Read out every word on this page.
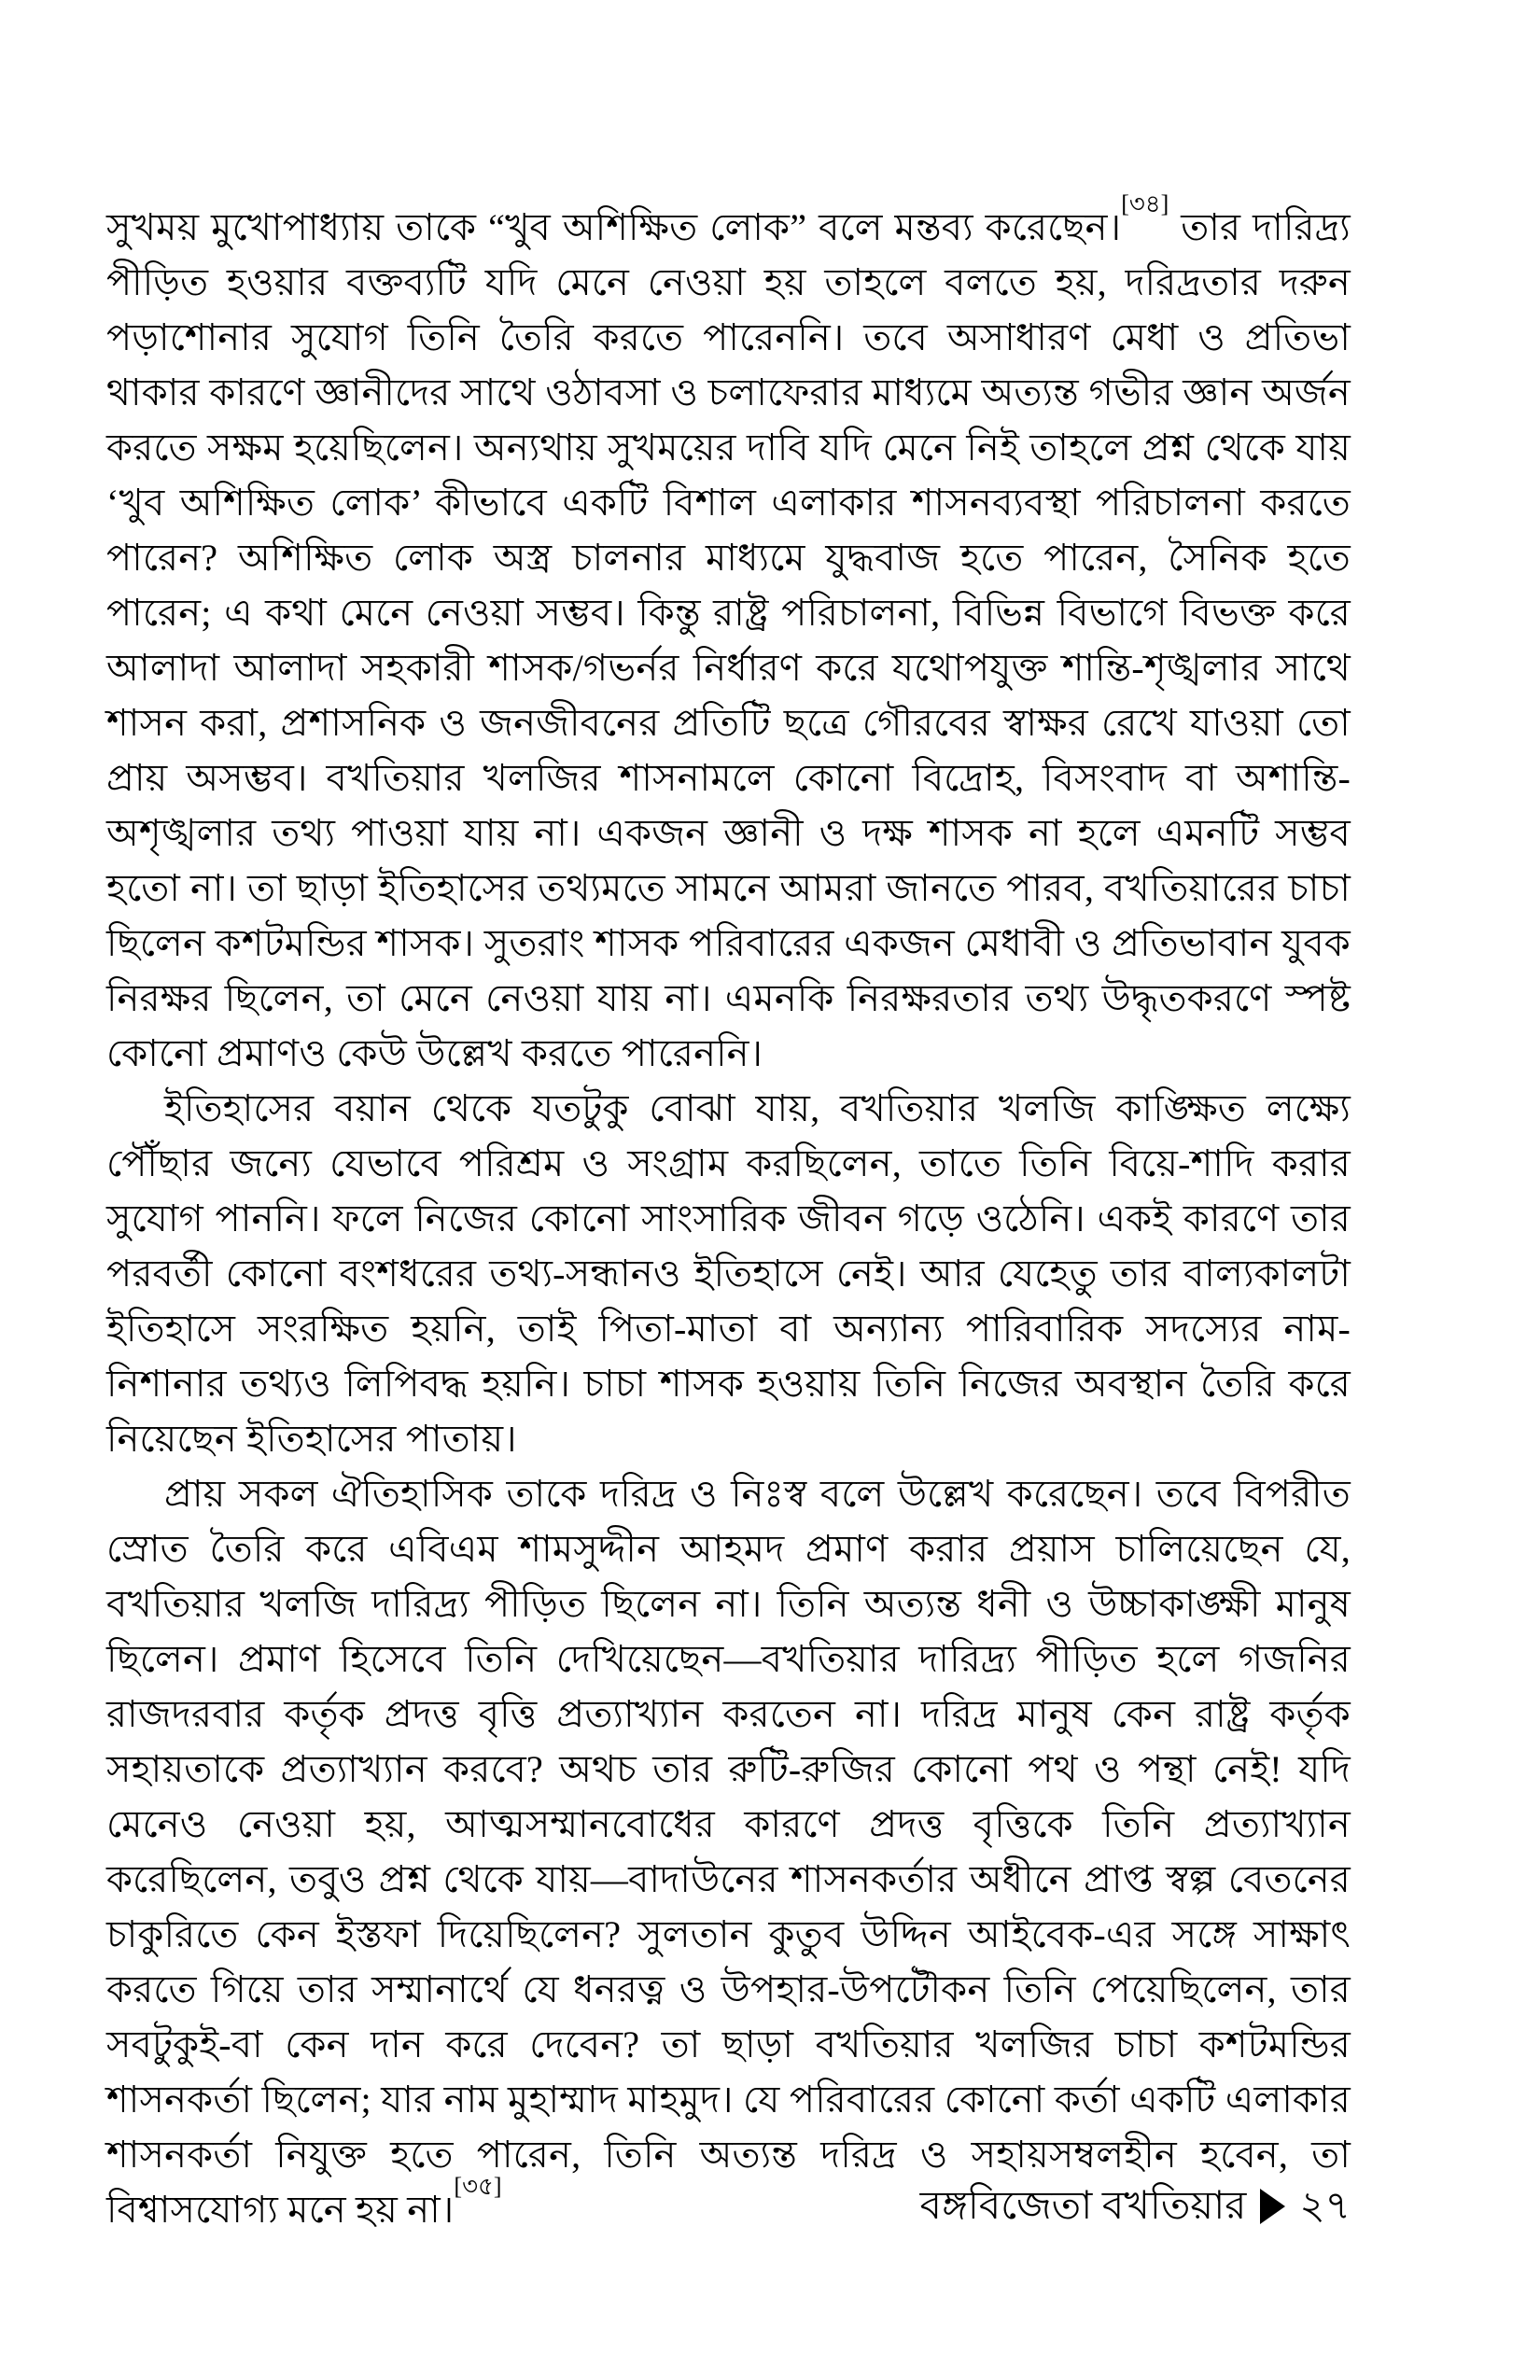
সুখময় মুখোপাধ্যায় তাকে “খুব অশিক্ষিত লোক” বলে মন্তব্য করেছেন।[৩৪] তার দারিদ্র্য পীড়িত হওয়ার বক্তব্যটি যদি মেনে নেওয়া হয় তাহলে বলতে হয়, দরিদ্রতার দরুন পড়াশোনার সুযোগ তিনি তৈরি করতে পারেননি। তবে অসাধারণ মেধা ও প্রতিভা থাকার কারণে জ্ঞানীদের সাথে ওঠাবসা ও চলাফেরার মাধ্যমে অত্যন্ত গভীর জ্ঞান অর্জন করতে সক্ষম হয়েছিলেন। অন্যথায় সুখময়ের দাবি যদি মেনে নিই তাহলে প্রশ্ন থেকে যায় ‘খুব অশিক্ষিত লোক’ কীভাবে একটি বিশাল এলাকার শাসনব্যবস্থা পরিচালনা করতে পারেন? অশিক্ষিত লোক অস্ত্র চালনার মাধ্যমে যুদ্ধবাজ হতে পারেন, সৈনিক হতে পারেন; এ কথা মেনে নেওয়া সম্ভব। কিন্তু রাষ্ট্র পরিচালনা, বিভিন্ন বিভাগে বিভক্ত করে আলাদা আলাদা সহকারী শাসক/গভর্নর নির্ধারণ করে যথোপযুক্ত শান্তি-শৃঙ্খলার সাথে শাসন করা, প্রশাসনিক ও জনজীবনের প্রতিটি ছত্রে গৌরবের স্বাক্ষর রেখে যাওয়া তো প্রায় অসম্ভব। বখতিয়ার খলজির শাসনামলে কোনো বিদ্রোহ, বিসংবাদ বা অশান্তি-অশৃঙ্খলার তথ্য পাওয়া যায় না। একজন জ্ঞানী ও দক্ষ শাসক না হলে এমনটি সম্ভব হতো না। তা ছাড়া ইতিহাসের তথ্যমতে সামনে আমরা জানতে পারব, বখতিয়ারের চাচা ছিলেন কশটমন্ডির শাসক। সুতরাং শাসক পরিবারের একজন মেধাবী ও প্রতিভাবান যুবক নিরক্ষর ছিলেন, তা মেনে নেওয়া যায় না। এমনকি নিরক্ষরতার তথ্য উদ্ধৃতকরণে স্পষ্ট কোনো প্রমাণও কেউ উল্লেখ করতে পারেননি।

ইতিহাসের বয়ান থেকে যতটুকু বোঝা যায়, বখতিয়ার খলজি কাঙ্ক্ষিত লক্ষ্যে পৌঁছার জন্যে যেভাবে পরিশ্রম ও সংগ্রাম করছিলেন, তাতে তিনি বিয়ে-শাদি করার সুযোগ পাননি। ফলে নিজের কোনো সাংসারিক জীবন গড়ে ওঠেনি। একই কারণে তার পরবর্তী কোনো বংশধরের তথ্য-সন্ধানও ইতিহাসে নেই। আর যেহেতু তার বাল্যকালটা ইতিহাসে সংরক্ষিত হয়নি, তাই পিতা-মাতা বা অন্যান্য পারিবারিক সদস্যের নাম-নিশানার তথ্যও লিপিবদ্ধ হয়নি। চাচা শাসক হওয়ায় তিনি নিজের অবস্থান তৈরি করে নিয়েছেন ইতিহাসের পাতায়।

প্রায় সকল ঐতিহাসিক তাকে দরিদ্র ও নিঃস্ব বলে উল্লেখ করেছেন। তবে বিপরীত স্রোত তৈরি করে এবিএম শামসুদ্দীন আহমদ প্রমাণ করার প্রয়াস চালিয়েছেন যে, বখতিয়ার খলজি দারিদ্র্য পীড়িত ছিলেন না। তিনি অত্যন্ত ধনী ও উচ্চাকাঙ্ক্ষী মানুষ ছিলেন। প্রমাণ হিসেবে তিনি দেখিয়েছেন—বখতিয়ার দারিদ্র্য পীড়িত হলে গজনির রাজদরবার কর্তৃক প্রদত্ত বৃত্তি প্রত্যাখ্যান করতেন না। দরিদ্র মানুষ কেন রাষ্ট্র কর্তৃক সহায়তাকে প্রত্যাখ্যান করবে? অথচ তার রুটি-রুজির কোনো পথ ও পন্থা নেই! যদি মেনেও নেওয়া হয়, আত্মসম্মানবোধের কারণে প্রদত্ত বৃত্তিকে তিনি প্রত্যাখ্যান করেছিলেন, তবুও প্রশ্ন থেকে যায়—বাদাউনের শাসনকর্তার অধীনে প্রাপ্ত স্বল্প বেতনের চাকুরিতে কেন ইস্তফা দিয়েছিলেন? সুলতান কুতুব উদ্দিন আইবেক-এর সঙ্গে সাক্ষাৎ করতে গিয়ে তার সম্মানার্থে যে ধনরত্ন ও উপহার-উপটৌকন তিনি পেয়েছিলেন, তার সবটুকুই-বা কেন দান করে দেবেন? তা ছাড়া বখতিয়ার খলজির চাচা কশটমন্ডির শাসনকর্তা ছিলেন; যার নাম মুহাম্মাদ মাহমুদ। যে পরিবারের কোনো কর্তা একটি এলাকার শাসনকর্তা নিযুক্ত হতে পারেন, তিনি অত্যন্ত দরিদ্র ও সহায়সম্বলহীন হবেন, তা বিশ্বাসযোগ্য মনে হয় না।[৩৫]	বঙ্গবিজেতা বখতিয়ার ২৭
